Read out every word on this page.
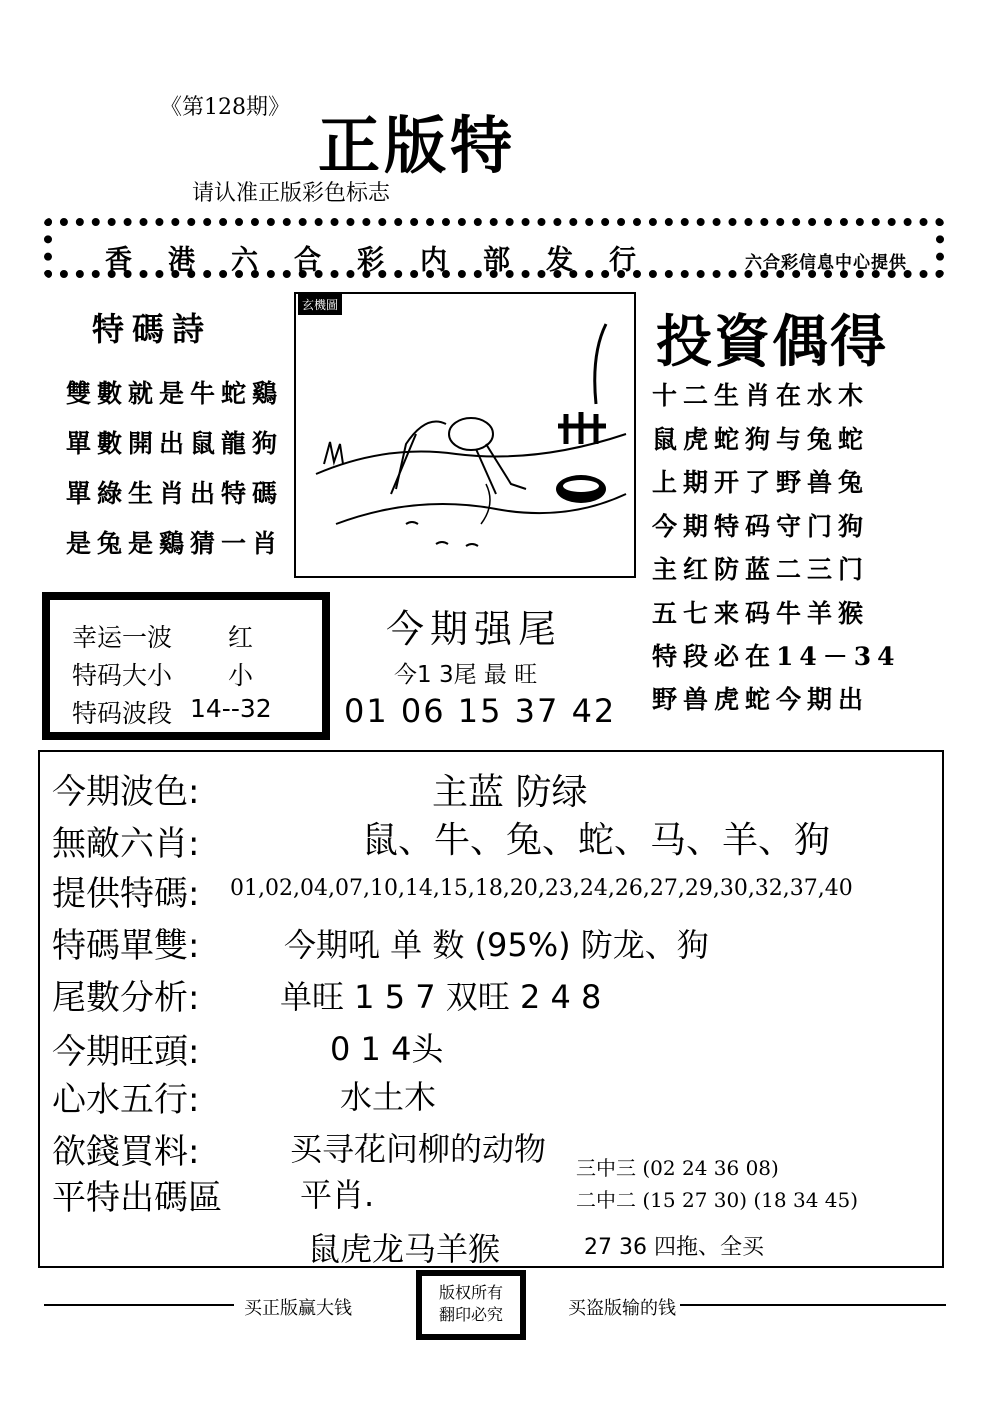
《第128期》
正版特
请认准正版彩色标志
香港六合彩内部发行	六合彩信息中心提供
特碼詩
雙數就是牛蛇鷄
單數開出鼠龍狗
單綠生肖出特碼
是兔是鷄猜一肖
玄機圖
投資偶得
十二生肖在水木
鼠虎蛇狗与兔蛇
上期开了野兽兔
今期特码守门狗
主红防蓝二三门
五七来码牛羊猴
特段必在14－34
野兽虎蛇今期出
幸运一波 红
特码大小 小
特码波段 14--32
今期强尾
今1 3尾 最 旺
01 06 15 37 42
今期波色:	主蓝 防绿
無敵六肖:	鼠、牛、兔、蛇、马、羊、狗
提供特碼: 01,02,04,07,10,14,15,18,20,23,24,26,27,29,30,32,37,40
特碼單雙:	今期吼 单 数 (95%) 防龙、狗
尾數分析:	单旺 1 5 7 双旺 2 4 8
今期旺頭:	0 1 4头
心水五行:	水土木
欲錢買料:	买寻花问柳的动物
平特出碼區 平肖.
鼠虎龙马羊猴
三中三 (02 24 36 08)
二中二 (15 27 30) (18 34 45)
27 36 四拖、全买
买正版赢大钱	买盗版输的钱
版权所有
翻印必究
